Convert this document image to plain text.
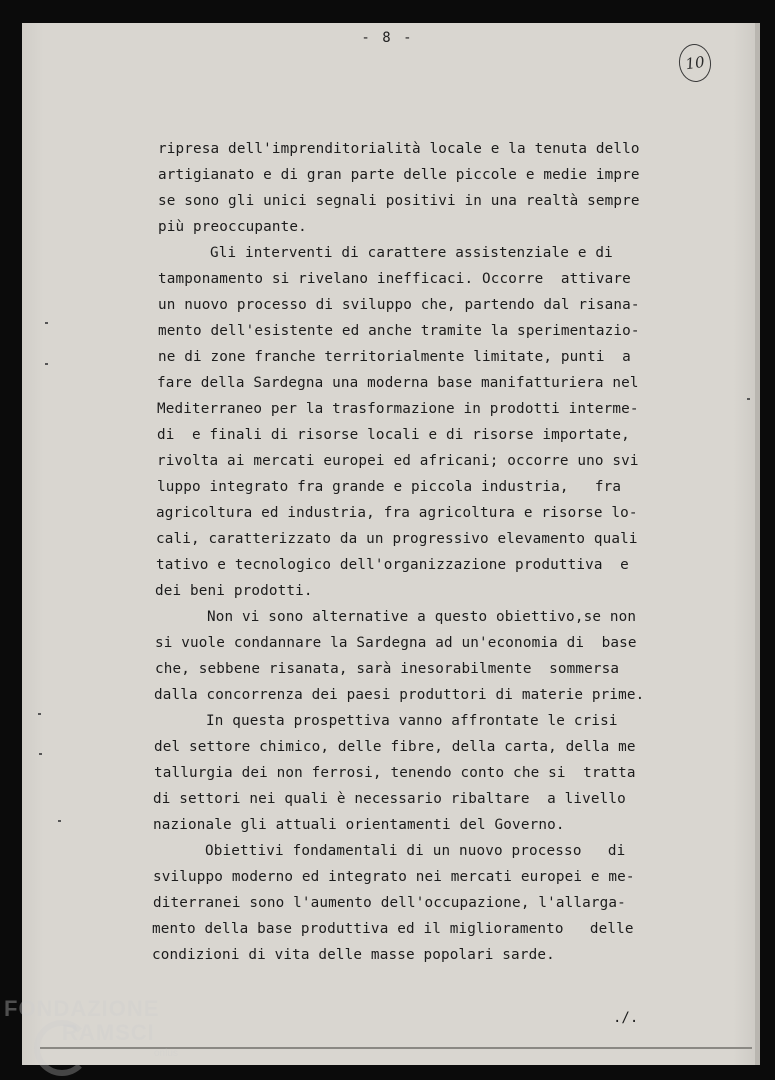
- 8 -
10
ripresa dell'imprenditorialità locale e la tenuta dello
artigianato e di gran parte delle piccole e medie impre
se sono gli unici segnali positivi in una realtà sempre
più preoccupante.
Gli interventi di carattere assistenziale e di
tamponamento si rivelano inefficaci. Occorre  attivare
un nuovo processo di sviluppo che, partendo dal risana-
mento dell'esistente ed anche tramite la sperimentazio-
ne di zone franche territorialmente limitate, punti  a
fare della Sardegna una moderna base manifatturiera nel
Mediterraneo per la trasformazione in prodotti interme-
di  e finali di risorse locali e di risorse importate,
rivolta ai mercati europei ed africani; occorre uno svi
luppo integrato fra grande e piccola industria,   fra
agricoltura ed industria, fra agricoltura e risorse lo-
cali, caratterizzato da un progressivo elevamento quali
tativo e tecnologico dell'organizzazione produttiva  e
dei beni prodotti.
Non vi sono alternative a questo obiettivo,se non
si vuole condannare la Sardegna ad un'economia di  base
che, sebbene risanata, sarà inesorabilmente  sommersa
dalla concorrenza dei paesi produttori di materie prime.
In questa prospettiva vanno affrontate le crisi
del settore chimico, delle fibre, della carta, della me
tallurgia dei non ferrosi, tenendo conto che si  tratta
di settori nei quali è necessario ribaltare  a livello
nazionale gli attuali orientamenti del Governo.
Obiettivi fondamentali di un nuovo processo   di
sviluppo moderno ed integrato nei mercati europei e me-
diterranei sono l'aumento dell'occupazione, l'allarga-
mento della base produttiva ed il miglioramento   delle
condizioni di vita delle masse popolari sarde.
./.
FONDAZIONE
RAMSCI
onlus
